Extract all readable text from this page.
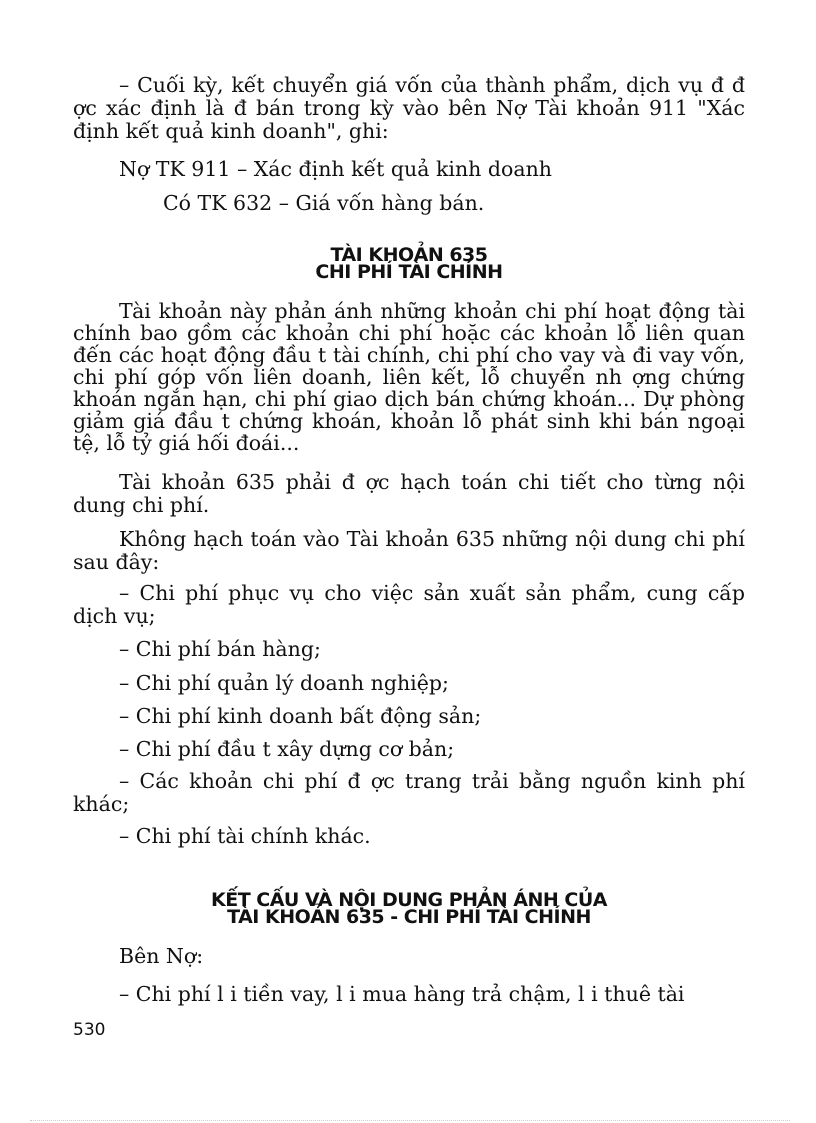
– Cuối kỳ, kết chuyển giá vốn của thành phẩm, dịch vụ đ đ ợc xác định là đ bán trong kỳ vào bên Nợ Tài khoản 911 "Xác định kết quả kinh doanh", ghi:
Nợ TK 911 – Xác định kết quả kinh doanh
Có TK 632 – Giá vốn hàng bán.
TÀI KHOẢN 635
CHI PHÍ TÀI CHÍNH
Tài khoản này phản ánh những khoản chi phí hoạt động tài chính bao gồm các khoản chi phí hoặc các khoản lỗ liên quan đến các hoạt động đầu t tài chính, chi phí cho vay và đi vay vốn, chi phí góp vốn liên doanh, liên kết, lỗ chuyển nh ợng chứng khoán ngắn hạn, chi phí giao dịch bán chứng khoán... Dự phòng giảm giá đầu t chứng khoán, khoản lỗ phát sinh khi bán ngoại tệ, lỗ tỷ giá hối đoái...
Tài khoản 635 phải đ ợc hạch toán chi tiết cho từng nội dung chi phí.
Không hạch toán vào Tài khoản 635 những nội dung chi phí sau đây:
– Chi phí phục vụ cho việc sản xuất sản phẩm, cung cấp dịch vụ;
– Chi phí bán hàng;
– Chi phí quản lý doanh nghiệp;
– Chi phí kinh doanh bất động sản;
– Chi phí đầu t xây dựng cơ bản;
– Các khoản chi phí đ ợc trang trải bằng nguồn kinh phí khác;
– Chi phí tài chính khác.
KẾT CẤU VÀ NỘI DUNG PHẢN ÁNH CỦA
TÀI KHOẢN 635 - CHI PHÍ TÀI CHÍNH
Bên Nợ:
– Chi phí l i tiền vay, l i mua hàng trả chậm, l i thuê tài
530
